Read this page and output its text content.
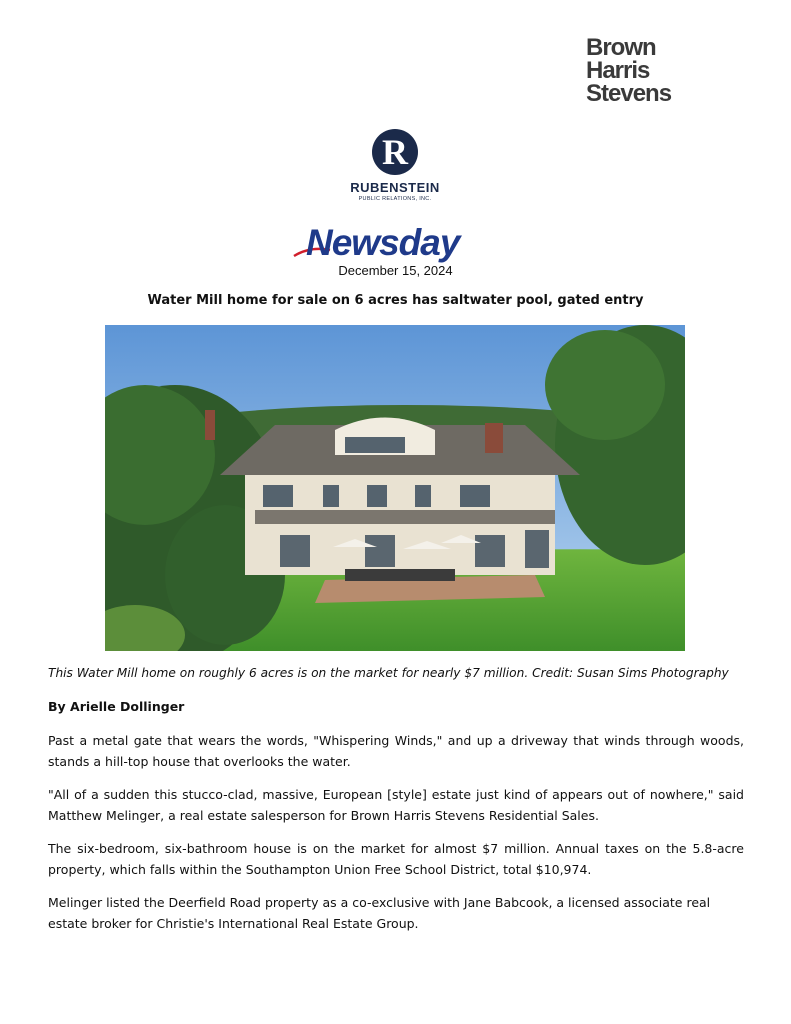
Brown
Harris
Stevens
R
RUBENSTEIN
PUBLIC RELATIONS, INC.
Newsday
December 15, 2024
Water Mill home for sale on 6 acres has saltwater pool, gated entry
This Water Mill home on roughly 6 acres is on the market for nearly $7 million. Credit: Susan Sims Photography
By Arielle Dollinger

Past a metal gate that wears the words, "Whispering Winds," and up a driveway that winds through woods, stands a hill-top house that overlooks the water.

"All of a sudden this stucco-clad, massive, European [style] estate just kind of appears out of nowhere," said Matthew Melinger, a real estate salesperson for Brown Harris Stevens Residential Sales.

The six-bedroom, six-bathroom house is on the market for almost $7 million. Annual taxes on the 5.8-acre property, which falls within the Southampton Union Free School District, total $10,974.

Melinger listed the Deerfield Road property as a co-exclusive with Jane Babcook, a licensed associate real estate broker for Christie's International Real Estate Group.
